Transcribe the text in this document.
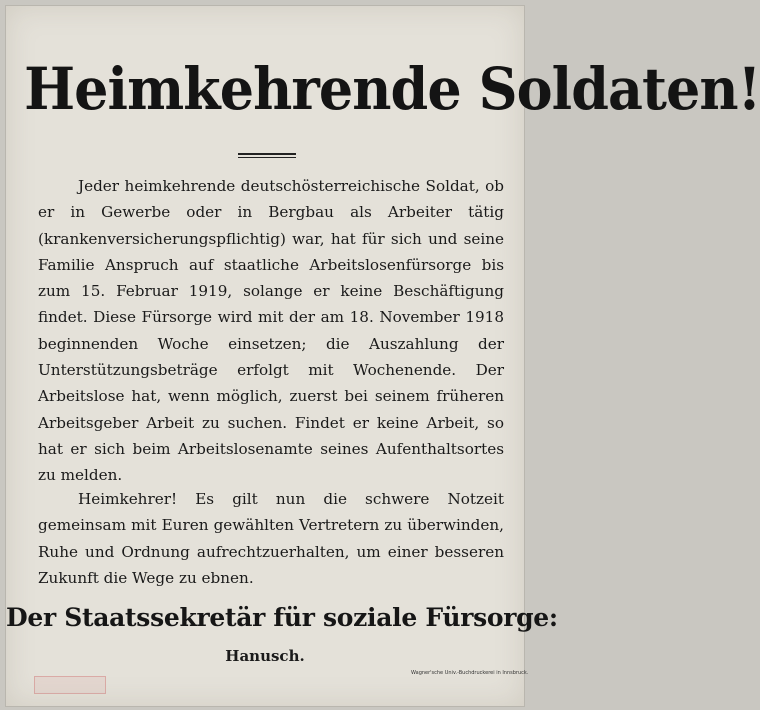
Heimkehrende Soldaten!

Jeder heimkehrende deutschösterreichische Soldat, ob er in Gewerbe oder in Bergbau als Arbeiter tätig (krankenversicherungspflichtig) war, hat für sich und seine Familie Anspruch auf staatliche Arbeitslosenfürsorge bis zum 15. Februar 1919, solange er keine Beschäftigung findet. Diese Fürsorge wird mit der am 18. November 1918 beginnenden Woche einsetzen; die Auszahlung der Unterstützungsbeträge erfolgt mit Wochenende. Der Arbeitslose hat, wenn möglich, zuerst bei seinem früheren Arbeitsgeber Arbeit zu suchen. Findet er keine Arbeit, so hat er sich beim Arbeitslosenamte seines Aufenthaltsortes zu melden.

Heimkehrer! Es gilt nun die schwere Notzeit gemeinsam mit Euren gewählten Vertretern zu überwinden, Ruhe und Ordnung aufrechtzuerhalten, um einer besseren Zukunft die Wege zu ebnen.

Der Staatssekretär für soziale Fürsorge:
Hanusch.
Wagner'sche Univ.-Buchdruckerei in Innsbruck.
